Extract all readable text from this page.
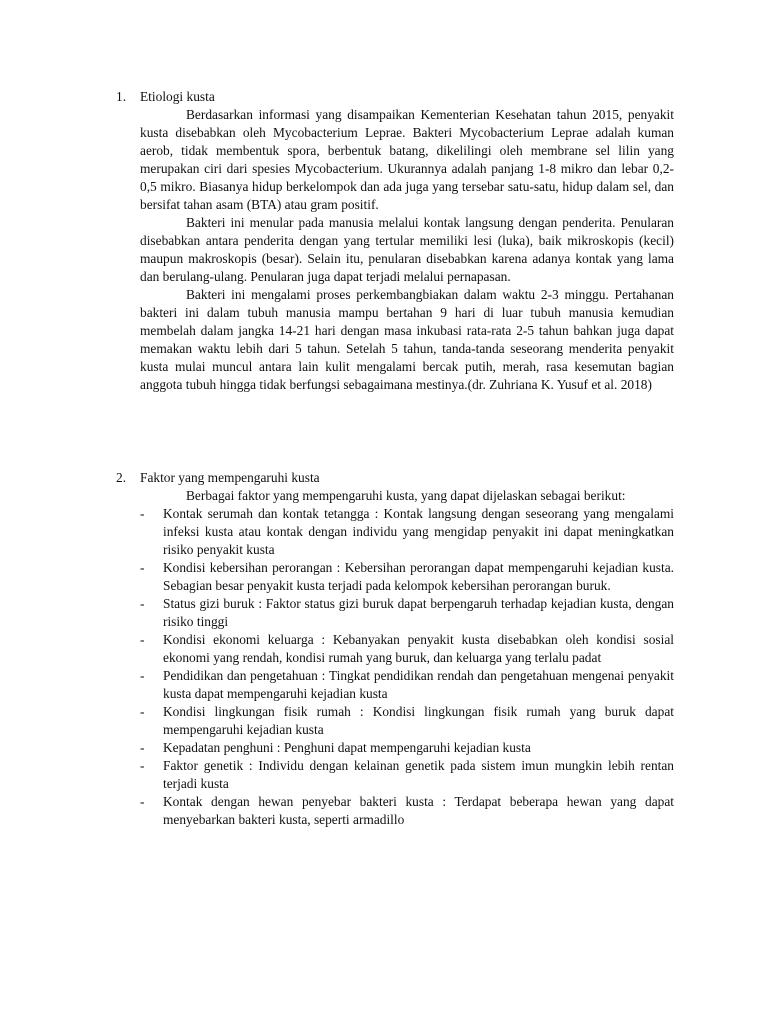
1. Etiologi kusta

Berdasarkan informasi yang disampaikan Kementerian Kesehatan tahun 2015, penyakit kusta disebabkan oleh Mycobacterium Leprae. Bakteri Mycobacterium Leprae adalah kuman aerob, tidak membentuk spora, berbentuk batang, dikelilingi oleh membrane sel lilin yang merupakan ciri dari spesies Mycobacterium. Ukurannya adalah panjang 1-8 mikro dan lebar 0,2-0,5 mikro. Biasanya hidup berkelompok dan ada juga yang tersebar satu-satu, hidup dalam sel, dan bersifat tahan asam (BTA) atau gram positif.

Bakteri ini menular pada manusia melalui kontak langsung dengan penderita. Penularan disebabkan antara penderita dengan yang tertular memiliki lesi (luka), baik mikroskopis (kecil) maupun makroskopis (besar). Selain itu, penularan disebabkan karena adanya kontak yang lama dan berulang-ulang. Penularan juga dapat terjadi melalui pernapasan.

Bakteri ini mengalami proses perkembangbiakan dalam waktu 2-3 minggu. Pertahanan bakteri ini dalam tubuh manusia mampu bertahan 9 hari di luar tubuh manusia kemudian membelah dalam jangka 14-21 hari dengan masa inkubasi rata-rata 2-5 tahun bahkan juga dapat memakan waktu lebih dari 5 tahun. Setelah 5 tahun, tanda-tanda seseorang menderita penyakit kusta mulai muncul antara lain kulit mengalami bercak putih, merah, rasa kesemutan bagian anggota tubuh hingga tidak berfungsi sebagaimana mestinya.(dr. Zuhriana K. Yusuf et al. 2018)

2. Faktor yang mempengaruhi kusta

Berbagai faktor yang mempengaruhi kusta, yang dapat dijelaskan sebagai berikut:

- Kontak serumah dan kontak tetangga : Kontak langsung dengan seseorang yang mengalami infeksi kusta atau kontak dengan individu yang mengidap penyakit ini dapat meningkatkan risiko penyakit kusta
- Kondisi kebersihan perorangan : Kebersihan perorangan dapat mempengaruhi kejadian kusta. Sebagian besar penyakit kusta terjadi pada kelompok kebersihan perorangan buruk.
- Status gizi buruk : Faktor status gizi buruk dapat berpengaruh terhadap kejadian kusta, dengan risiko tinggi
- Kondisi ekonomi keluarga : Kebanyakan penyakit kusta disebabkan oleh kondisi sosial ekonomi yang rendah, kondisi rumah yang buruk, dan keluarga yang terlalu padat
- Pendidikan dan pengetahuan : Tingkat pendidikan rendah dan pengetahuan mengenai penyakit kusta dapat mempengaruhi kejadian kusta
- Kondisi lingkungan fisik rumah : Kondisi lingkungan fisik rumah yang buruk dapat mempengaruhi kejadian kusta
- Kepadatan penghuni : Penghuni dapat mempengaruhi kejadian kusta
- Faktor genetik : Individu dengan kelainan genetik pada sistem imun mungkin lebih rentan terjadi kusta
- Kontak dengan hewan penyebar bakteri kusta : Terdapat beberapa hewan yang dapat menyebarkan bakteri kusta, seperti armadillo
